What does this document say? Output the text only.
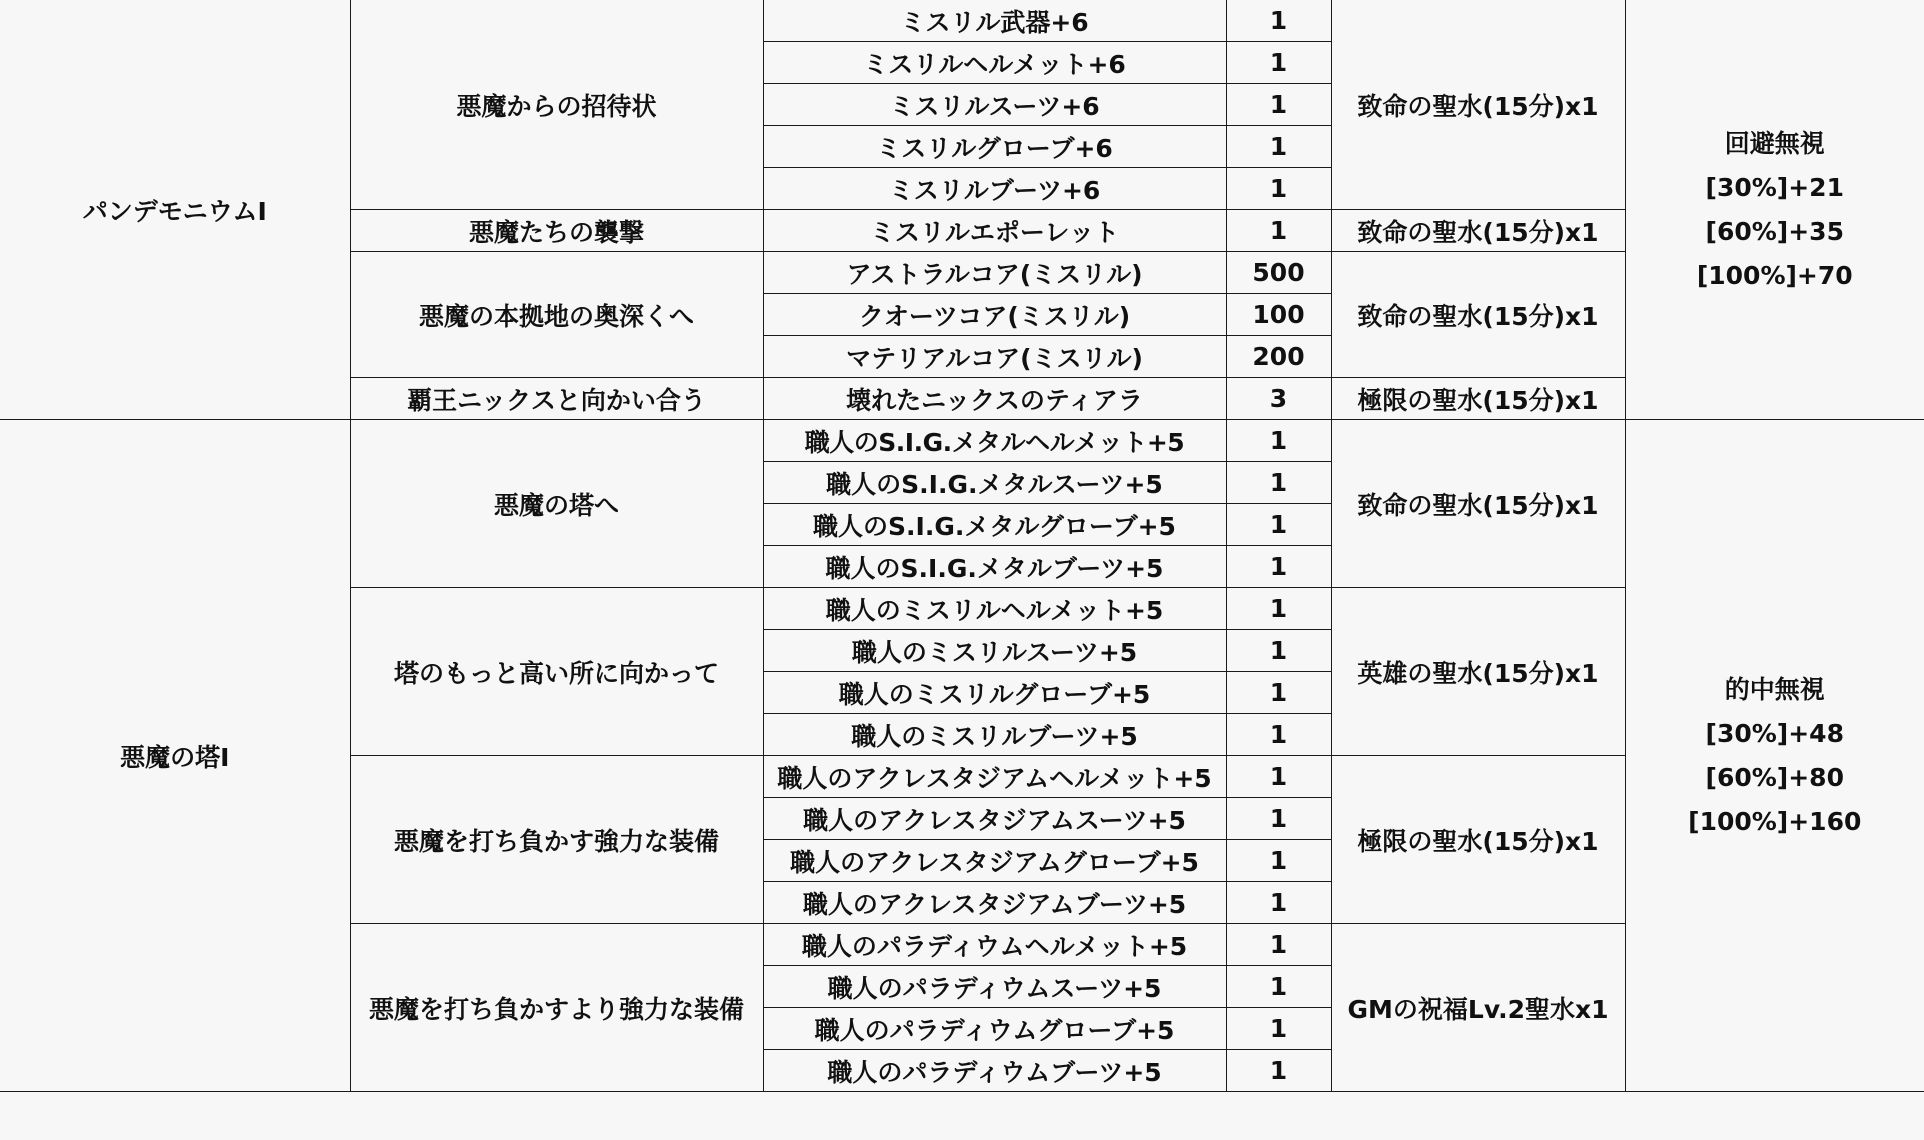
パンデモニウムI	悪魔からの招待状	ミスリル武器+6	1	致命の聖水(15分)x1	回避無視
[30%]+21
[60%]+35
[100%]+70

		ミスリルヘルメット+6	1		
		ミスリルスーツ+6	1		
		ミスリルグローブ+6	1		
		ミスリルブーツ+6	1		
	悪魔たちの襲撃	ミスリルエポーレット	1	致命の聖水(15分)x1	
	悪魔の本拠地の奥深くへ	アストラルコア(ミスリル)	500	致命の聖水(15分)x1	
		クオーツコア(ミスリル)	100		
		マテリアルコア(ミスリル)	200		
	覇王ニックスと向かい合う	壊れたニックスのティアラ	3	極限の聖水(15分)x1	
悪魔の塔I	悪魔の塔へ	職人のS.I.G.メタルヘルメット+5	1	致命の聖水(15分)x1	的中無視
[30%]+48
[60%]+80
[100%]+160

		職人のS.I.G.メタルスーツ+5	1		
		職人のS.I.G.メタルグローブ+5	1		
		職人のS.I.G.メタルブーツ+5	1		
	塔のもっと高い所に向かって	職人のミスリルヘルメット+5	1	英雄の聖水(15分)x1	
		職人のミスリルスーツ+5	1		
		職人のミスリルグローブ+5	1		
		職人のミスリルブーツ+5	1		
	悪魔を打ち負かす強力な装備	職人のアクレスタジアムヘルメット+5	1	極限の聖水(15分)x1	
		職人のアクレスタジアムスーツ+5	1		
		職人のアクレスタジアムグローブ+5	1		
		職人のアクレスタジアムブーツ+5	1		
	悪魔を打ち負かすより強力な装備	職人のパラディウムヘルメット+5	1	GMの祝福Lv.2聖水x1	
		職人のパラディウムスーツ+5	1		
		職人のパラディウムグローブ+5	1		
		職人のパラディウムブーツ+5	1		
